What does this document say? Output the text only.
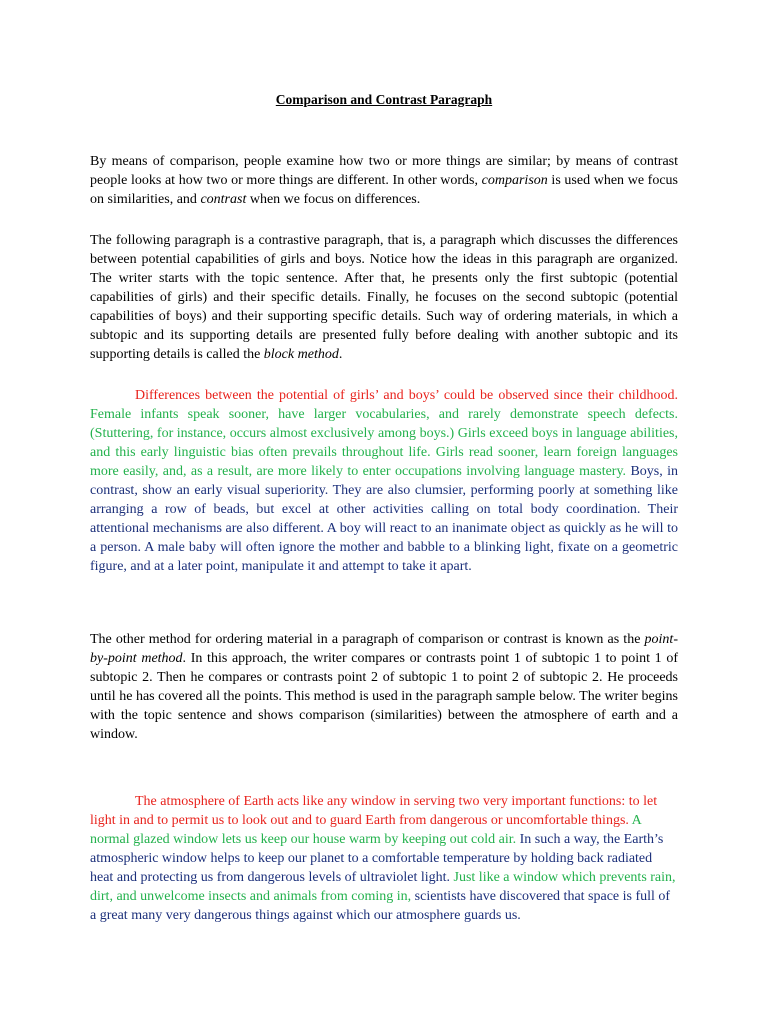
Comparison and Contrast Paragraph

By means of comparison, people examine how two or more things are similar; by means of contrast people looks at how two or more things are different. In other words, comparison is used when we focus on similarities, and contrast when we focus on differences.

The following paragraph is a contrastive paragraph, that is, a paragraph which discusses the differences between potential capabilities of girls and boys. Notice how the ideas in this paragraph are organized. The writer starts with the topic sentence. After that, he presents only the first subtopic (potential capabilities of girls) and their specific details. Finally, he focuses on the second subtopic (potential capabilities of boys) and their supporting specific details. Such way of ordering materials, in which a subtopic and its supporting details are presented fully before dealing with another subtopic and its supporting details is called the block method.

Differences between the potential of girls’ and boys’ could be observed since their childhood. Female infants speak sooner, have larger vocabularies, and rarely demonstrate speech defects. (Stuttering, for instance, occurs almost exclusively among boys.) Girls exceed boys in language abilities, and this early linguistic bias often prevails throughout life. Girls read sooner, learn foreign languages more easily, and, as a result, are more likely to enter occupations involving language mastery. Boys, in contrast, show an early visual superiority. They are also clumsier, performing poorly at something like arranging a row of beads, but excel at other activities calling on total body coordination. Their attentional mechanisms are also different. A boy will react to an inanimate object as quickly as he will to a person. A male baby will often ignore the mother and babble to a blinking light, fixate on a geometric figure, and at a later point, manipulate it and attempt to take it apart.

The other method for ordering material in a paragraph of comparison or contrast is known as the point-by-point method. In this approach, the writer compares or contrasts point 1 of subtopic 1 to point 1 of subtopic 2. Then he compares or contrasts point 2 of subtopic 1 to point 2 of subtopic 2. He proceeds until he has covered all the points. This method is used in the paragraph sample below. The writer begins with the topic sentence and shows comparison (similarities) between the atmosphere of earth and a window.

The atmosphere of Earth acts like any window in serving two very important functions: to let light in and to permit us to look out and to guard Earth from dangerous or uncomfortable things. A normal glazed window lets us keep our house warm by keeping out cold air. In such a way, the Earth’s atmospheric window helps to keep our planet to a comfortable temperature by holding back radiated heat and protecting us from dangerous levels of ultraviolet light. Just like a window which prevents rain, dirt, and unwelcome insects and animals from coming in, scientists have discovered that space is full of a great many very dangerous things against which our atmosphere guards us.
